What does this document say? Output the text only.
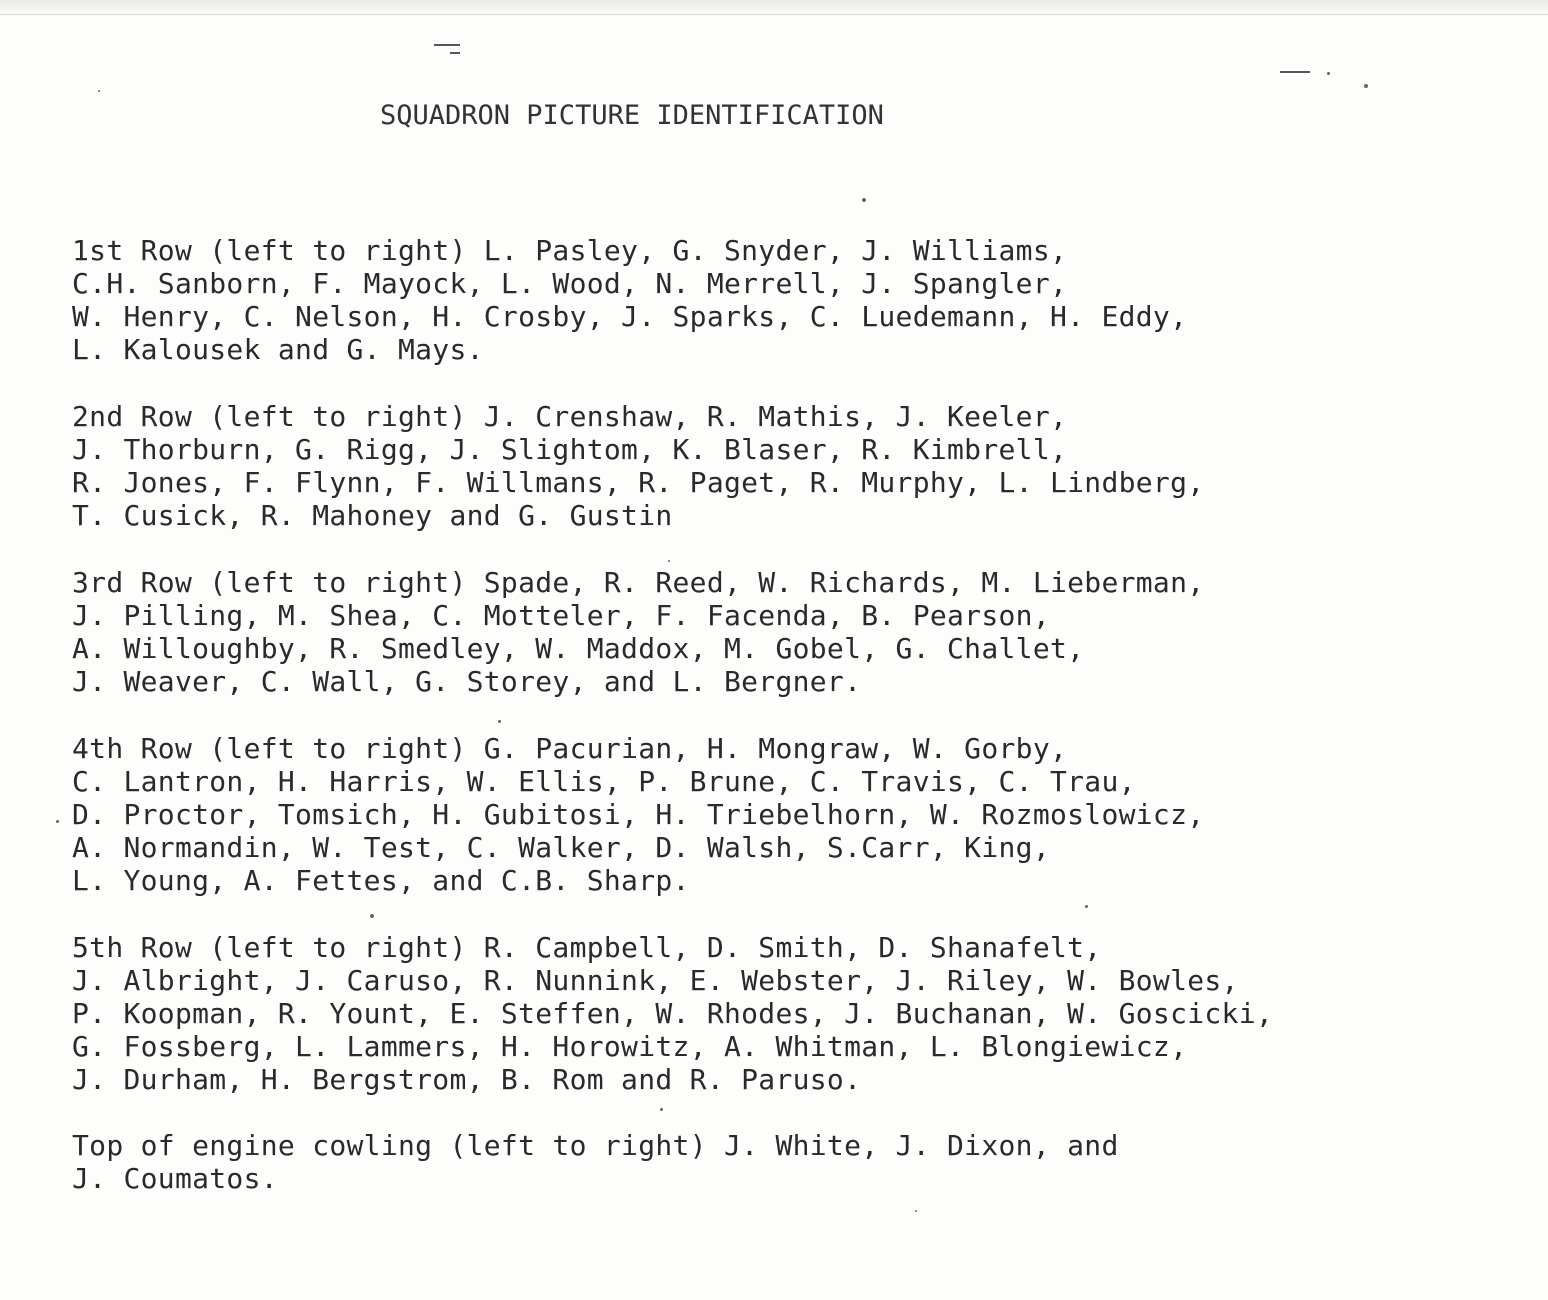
SQUADRON PICTURE IDENTIFICATION
1st Row (left to right) L. Pasley, G. Snyder, J. Williams,
C.H. Sanborn, F. Mayock, L. Wood, N. Merrell, J. Spangler,
W. Henry, C. Nelson, H. Crosby, J. Sparks, C. Luedemann, H. Eddy,
L. Kalousek and G. Mays.
2nd Row (left to right) J. Crenshaw, R. Mathis, J. Keeler,
J. Thorburn, G. Rigg, J. Slightom, K. Blaser, R. Kimbrell,
R. Jones, F. Flynn, F. Willmans, R. Paget, R. Murphy, L. Lindberg,
T. Cusick, R. Mahoney and G. Gustin
3rd Row (left to right) Spade, R. Reed, W. Richards, M. Lieberman,
J. Pilling, M. Shea, C. Motteler, F. Facenda, B. Pearson,
A. Willoughby, R. Smedley, W. Maddox, M. Gobel, G. Challet,
J. Weaver, C. Wall, G. Storey, and L. Bergner.
4th Row (left to right) G. Pacurian, H. Mongraw, W. Gorby,
C. Lantron, H. Harris, W. Ellis, P. Brune, C. Travis, C. Trau,
D. Proctor, Tomsich, H. Gubitosi, H. Triebelhorn, W. Rozmoslowicz,
A. Normandin, W. Test, C. Walker, D. Walsh, S.Carr, King,
L. Young, A. Fettes, and C.B. Sharp.
5th Row (left to right) R. Campbell, D. Smith, D. Shanafelt,
J. Albright, J. Caruso, R. Nunnink, E. Webster, J. Riley, W. Bowles,
P. Koopman, R. Yount, E. Steffen, W. Rhodes, J. Buchanan, W. Goscicki,
G. Fossberg, L. Lammers, H. Horowitz, A. Whitman, L. Blongiewicz,
J. Durham, H. Bergstrom, B. Rom and R. Paruso.
Top of engine cowling (left to right) J. White, J. Dixon, and
J. Coumatos.
